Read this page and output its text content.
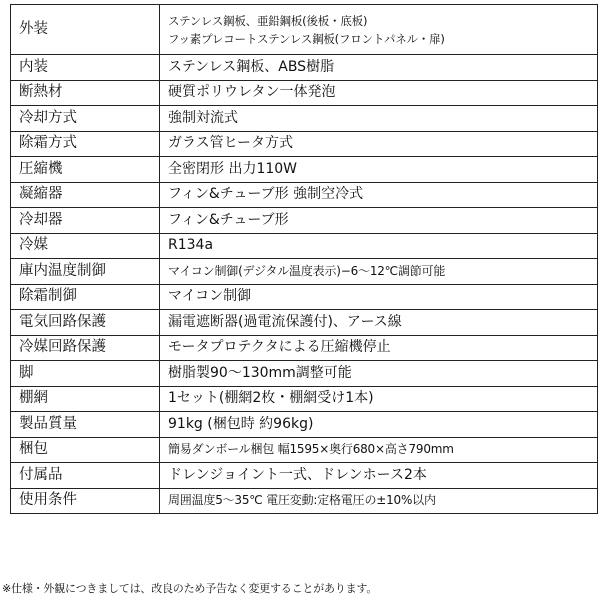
外装	ステンレス鋼板、亜鉛鋼板(後板・底板)
フッ素プレコートステンレス鋼板(フロントパネル・扉)

内装	ステンレス鋼板、ABS樹脂
断熱材	硬質ポリウレタン一体発泡
冷却方式	強制対流式
除霜方式	ガラス管ヒータ方式
圧縮機	全密閉形 出力110W
凝縮器	フィン&チューブ形 強制空冷式
冷却器	フィン&チューブ形
冷媒	R134a
庫内温度制御	マイコン制御(デジタル温度表示)−6〜12℃調節可能
除霜制御	マイコン制御
電気回路保護	漏電遮断器(過電流保護付)、アース線
冷媒回路保護	モータプロテクタによる圧縮機停止
脚	樹脂製90〜130mm調整可能
棚網	1セット(棚網2枚・棚網受け1本)
製品質量	91kg (梱包時 約96kg)
梱包	簡易ダンボール梱包 幅1595×奥行680×高さ790mm
付属品	ドレンジョイント一式、ドレンホース2本
使用条件	周囲温度5〜35℃ 電圧変動:定格電圧の±10%以内
※仕様・外観につきましては、改良のため予告なく変更することがあります。
